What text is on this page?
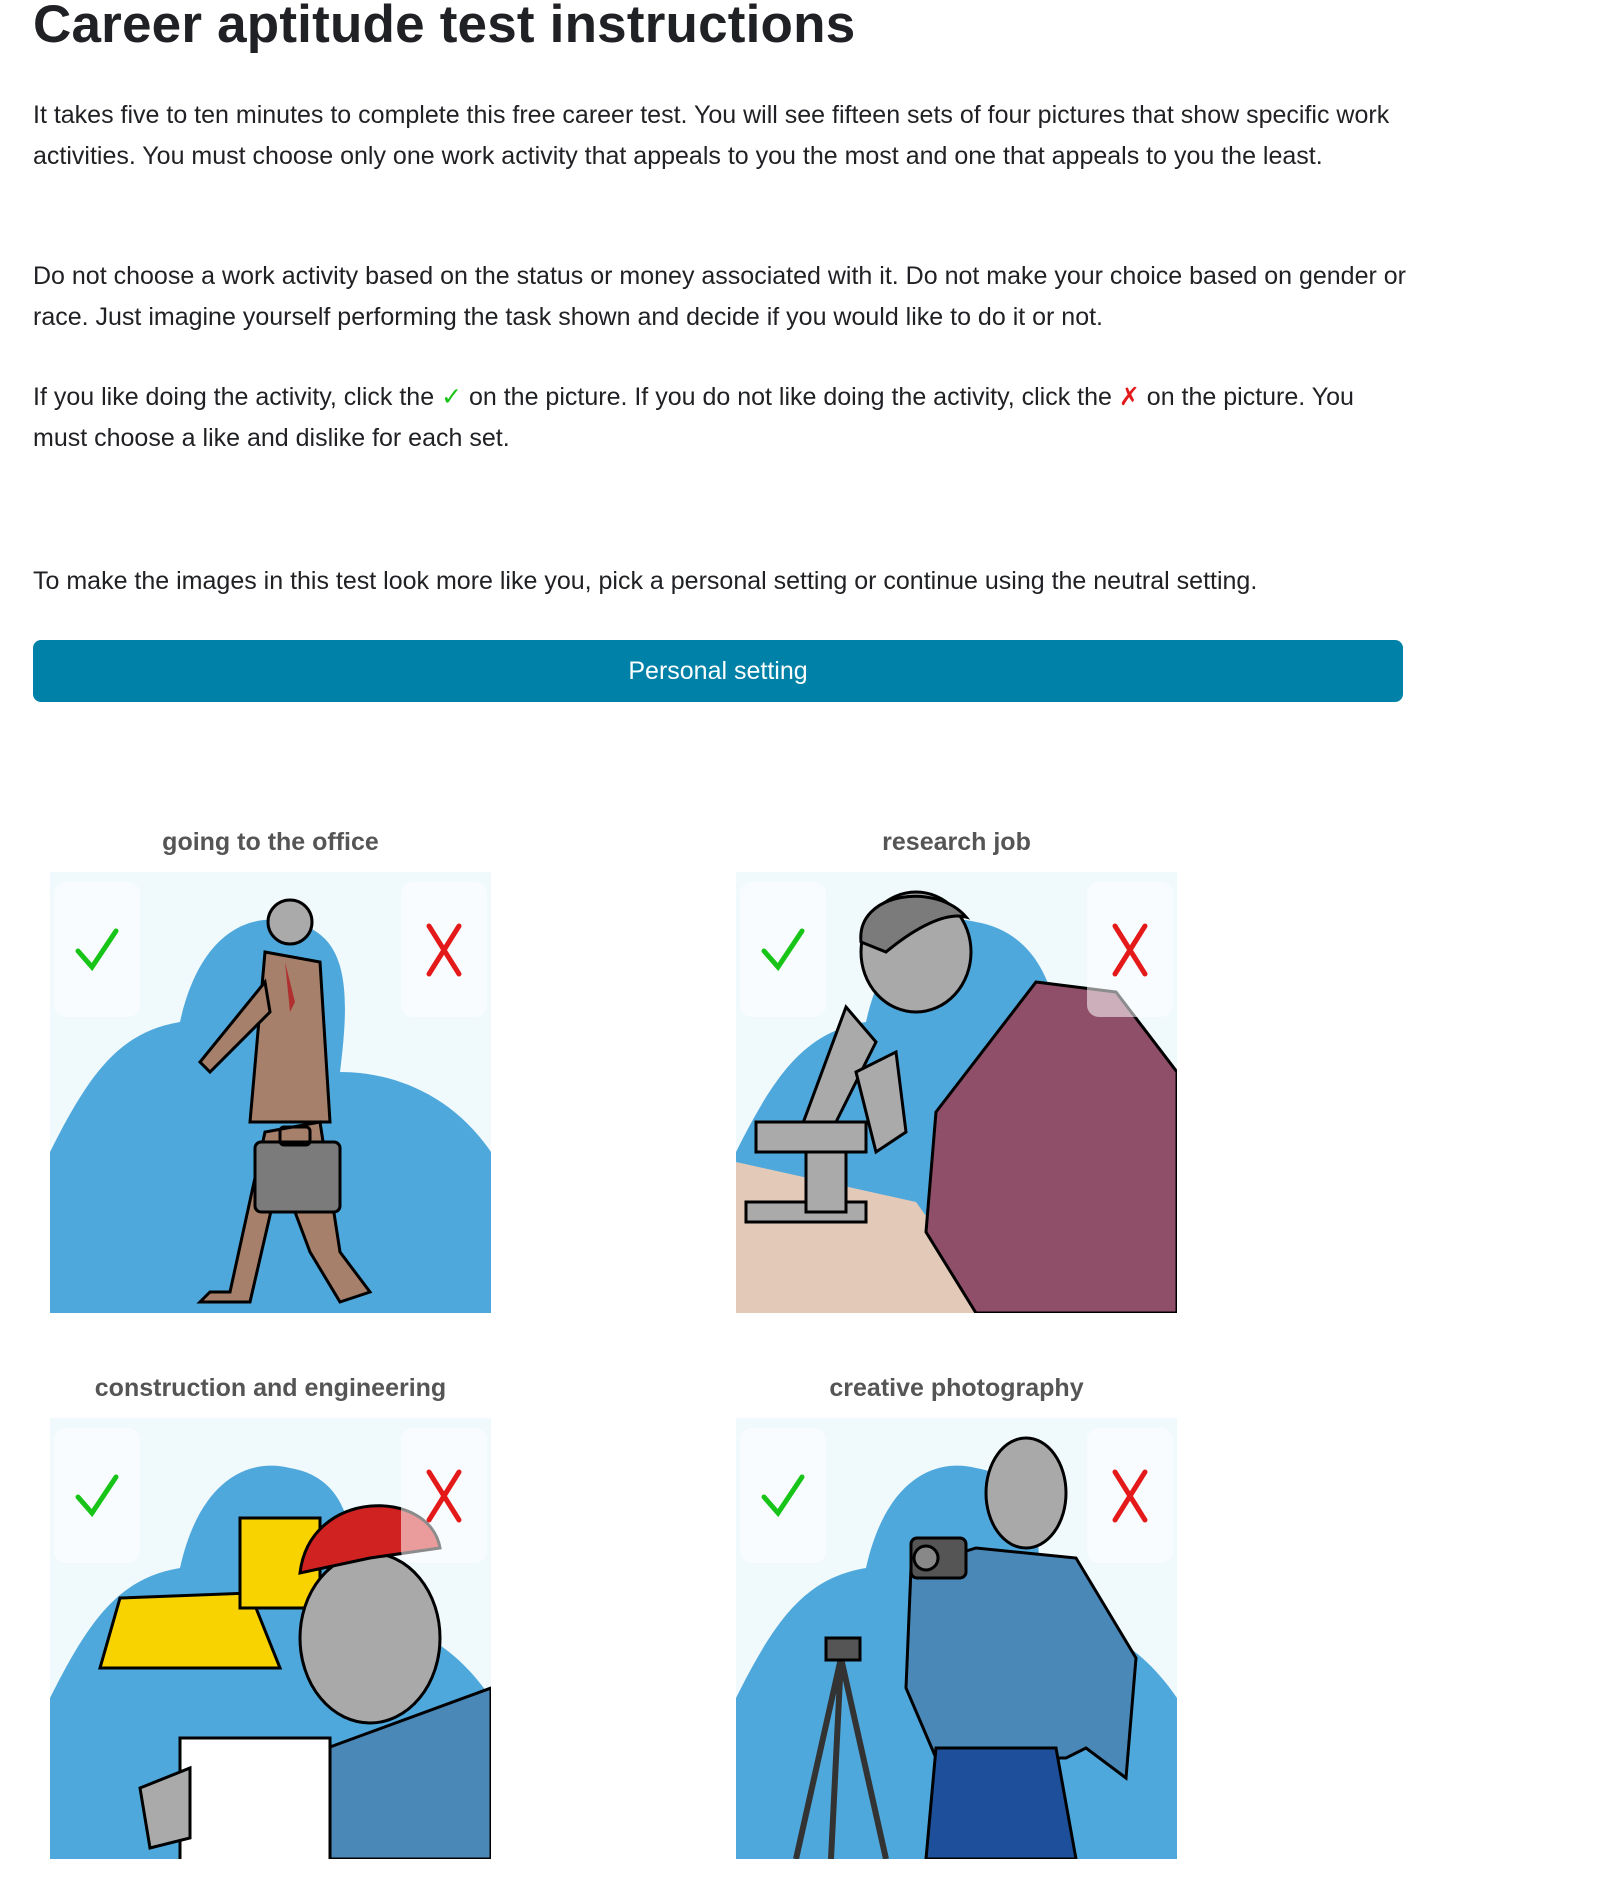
Career aptitude test instructions

It takes five to ten minutes to complete this free career test. You will see fifteen sets of four pictures that show specific work activities. You must choose only one work activity that appeals to you the most and one that appeals to you the least.

Do not choose a work activity based on the status or money associated with it. Do not make your choice based on gender or race. Just imagine yourself performing the task shown and decide if you would like to do it or not.

If you like doing the activity, click the ✓ on the picture. If you do not like doing the activity, click the ✗ on the picture. You must choose a like and dislike for each set.

To make the images in this test look more like you, pick a personal setting or continue using the neutral setting.

Personal setting
going to the office	research job
construction and engineering	creative photography
